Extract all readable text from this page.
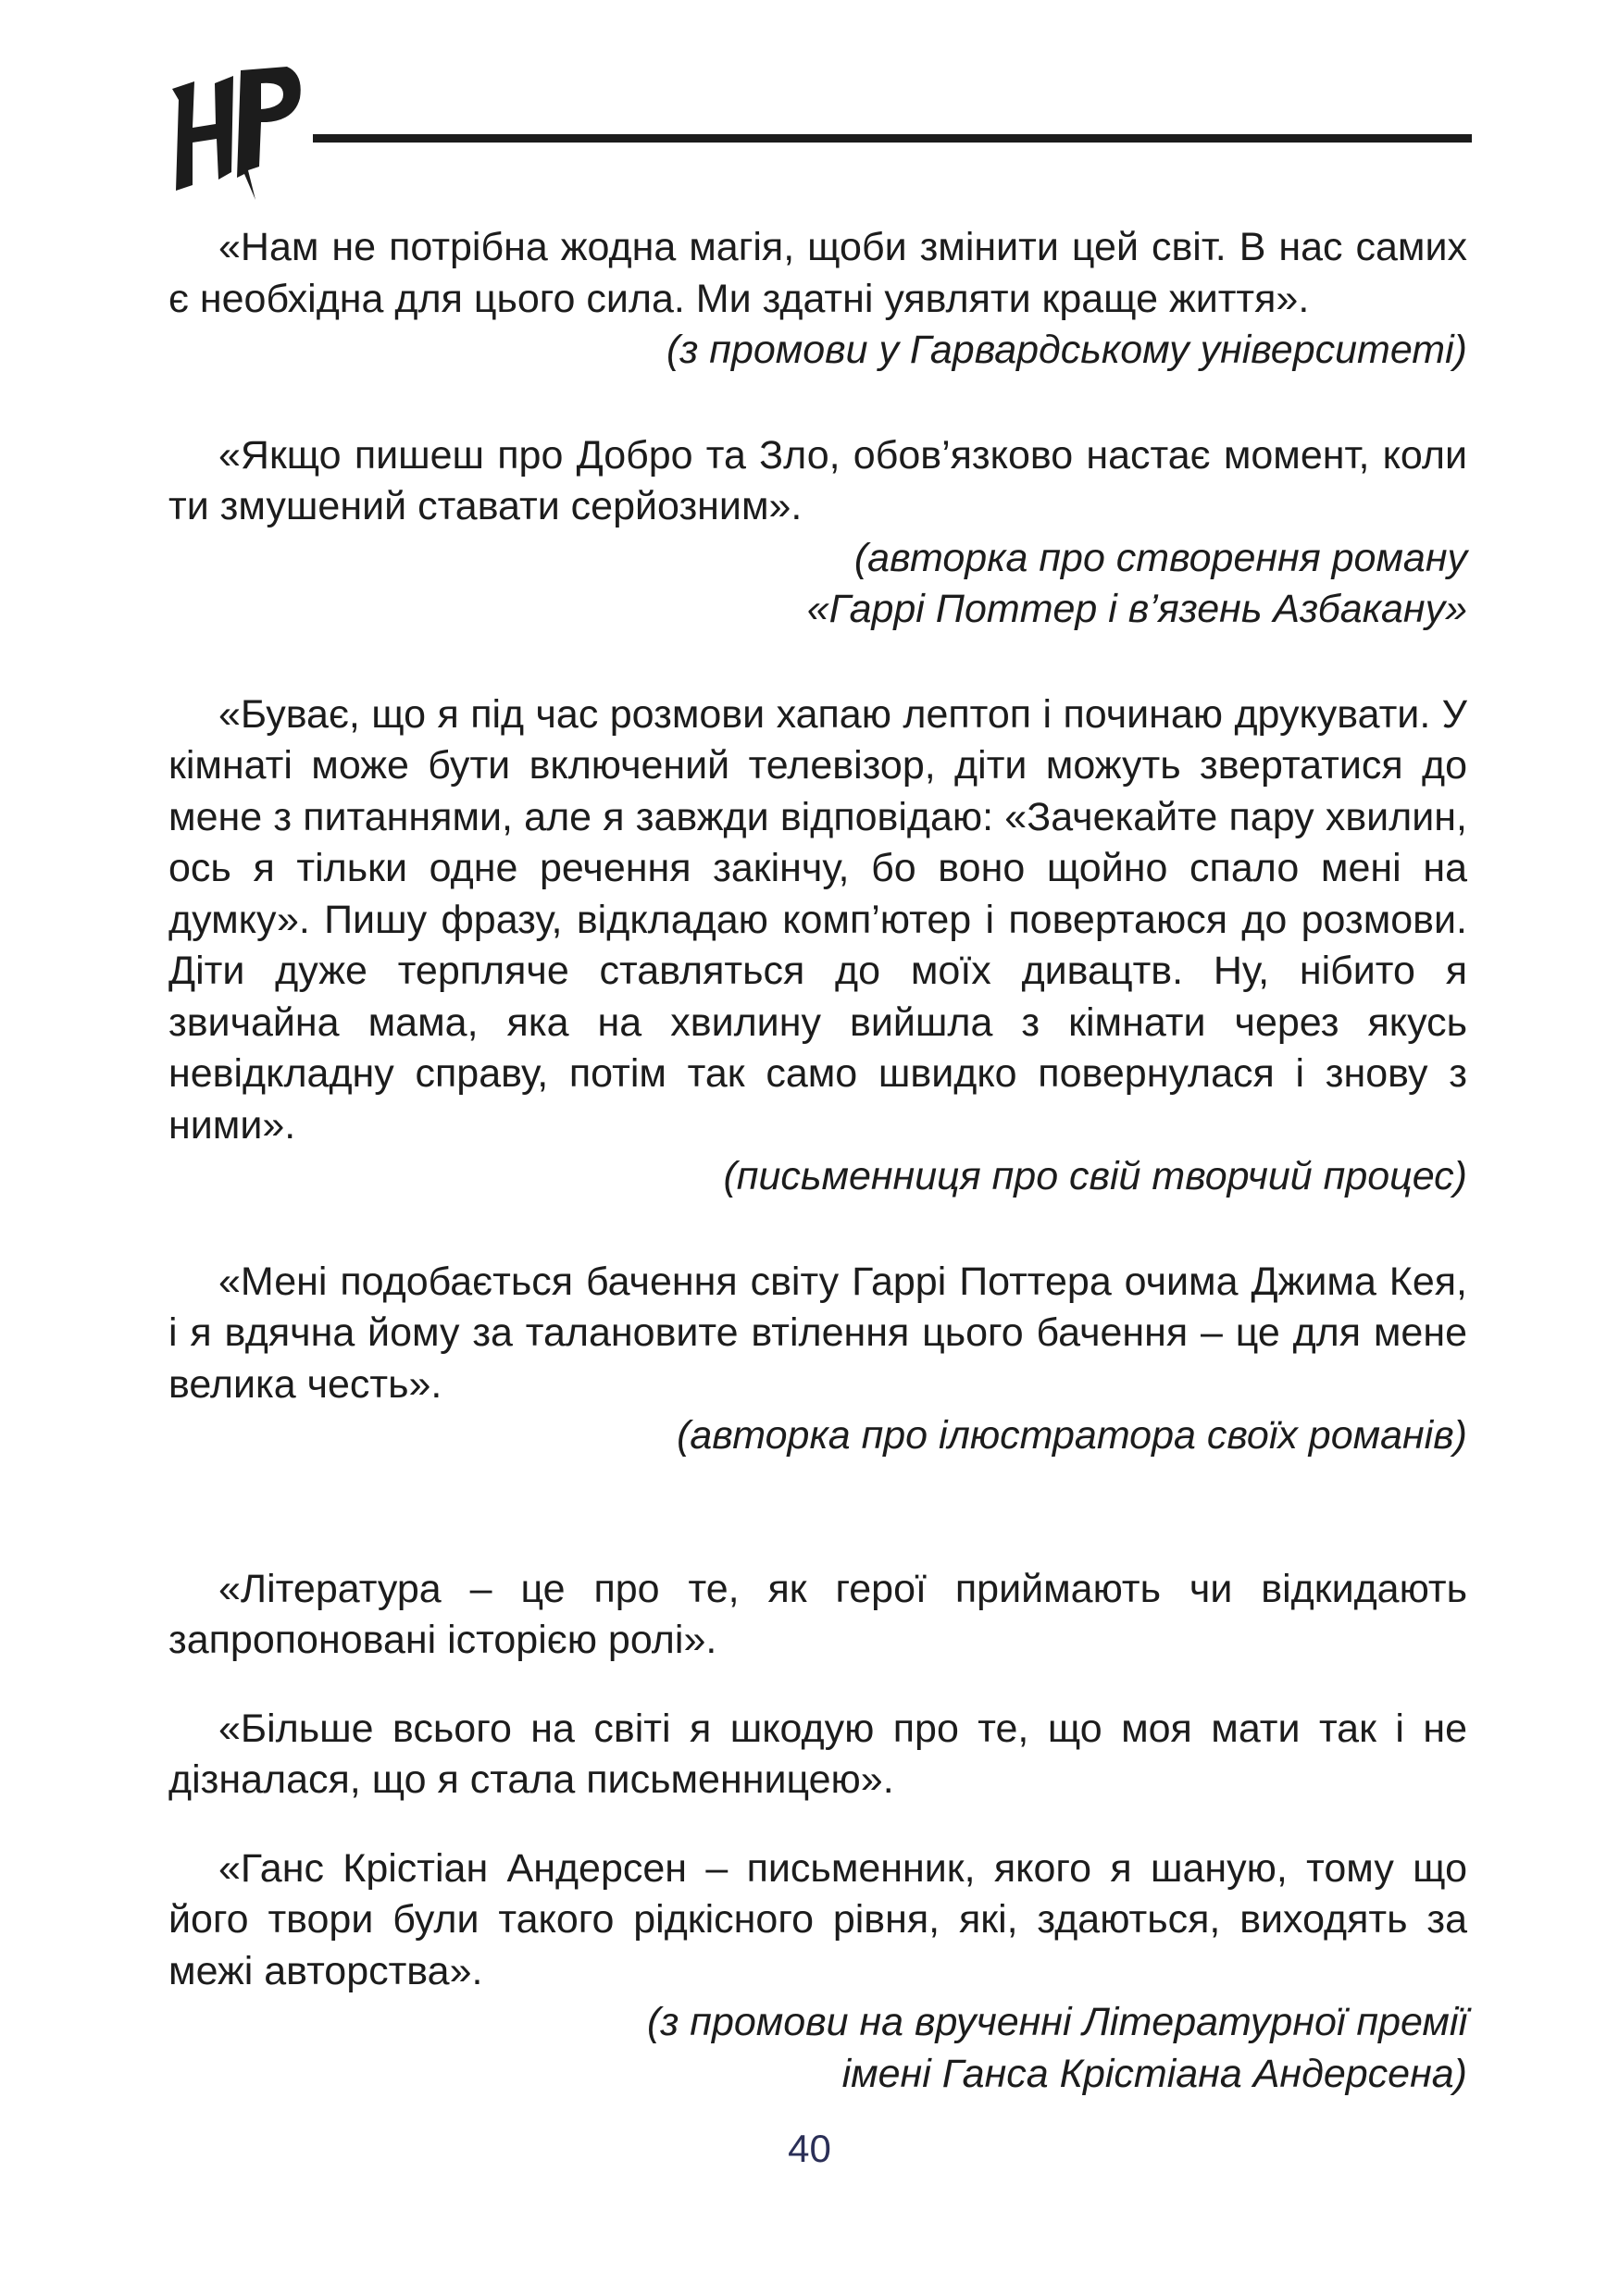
«Нам не потрібна жодна магія, щоби змінити цей світ. В нас самих є необхідна для цього сила. Ми здатні уявляти краще життя».

(з промови у Гарвардському університеті)

«Якщо пишеш про Добро та Зло, обов’язково настає момент, коли ти змушений ставати серйозним».

(авторка про створення роману

«Гаррі Поттер і в’язень Азбакану»

«Буває, що я під час розмови хапаю лептоп і починаю друкувати. У кімнаті може бути включений телевізор, діти можуть звертатися до мене з питаннями, але я завжди відповідаю: «Зачекайте пару хвилин, ось я тільки одне речення закінчу, бо воно щойно спало мені на думку». Пишу фразу, відкладаю комп’ютер і повертаюся до розмови. Діти дуже терпляче ставляться до моїх дивацтв. Ну, нібито я звичайна мама, яка на хвилину вийшла з кімнати через якусь невідкладну справу, потім так само швидко повернулася і знову з ними».

(письменниця про свій творчий процес)

«Мені подобається бачення світу Гаррі Поттера очима Джима Кея, і я вдячна йому за талановите втілення цього бачення – це для мене велика честь».

(авторка про ілюстратора своїх романів)

«Література – це про те, як герої приймають чи відкидають запропоновані історією ролі».

«Більше всього на світі я шкодую про те, що моя мати так і не дізналася, що я стала письменницею».

«Ганс Крістіан Андерсен – письменник, якого я шаную, тому що його твори були такого рідкісного рівня, які, здаються, виходять за межі авторства».

(з промови на врученні Літературної премії

імені Ганса Крістіана Андерсена)

40
